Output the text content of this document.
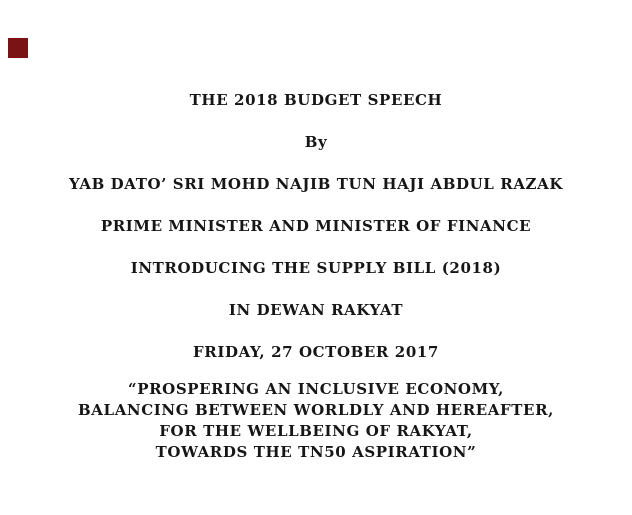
THE 2018 BUDGET SPEECH
By
YAB DATO’ SRI MOHD NAJIB TUN HAJI ABDUL RAZAK
PRIME MINISTER AND MINISTER OF FINANCE
INTRODUCING THE SUPPLY BILL (2018)
IN DEWAN RAKYAT
FRIDAY, 27 OCTOBER 2017
“PROSPERING AN INCLUSIVE ECONOMY,
BALANCING BETWEEN WORLDLY AND HEREAFTER,
FOR THE WELLBEING OF RAKYAT,
TOWARDS THE TN50 ASPIRATION”
